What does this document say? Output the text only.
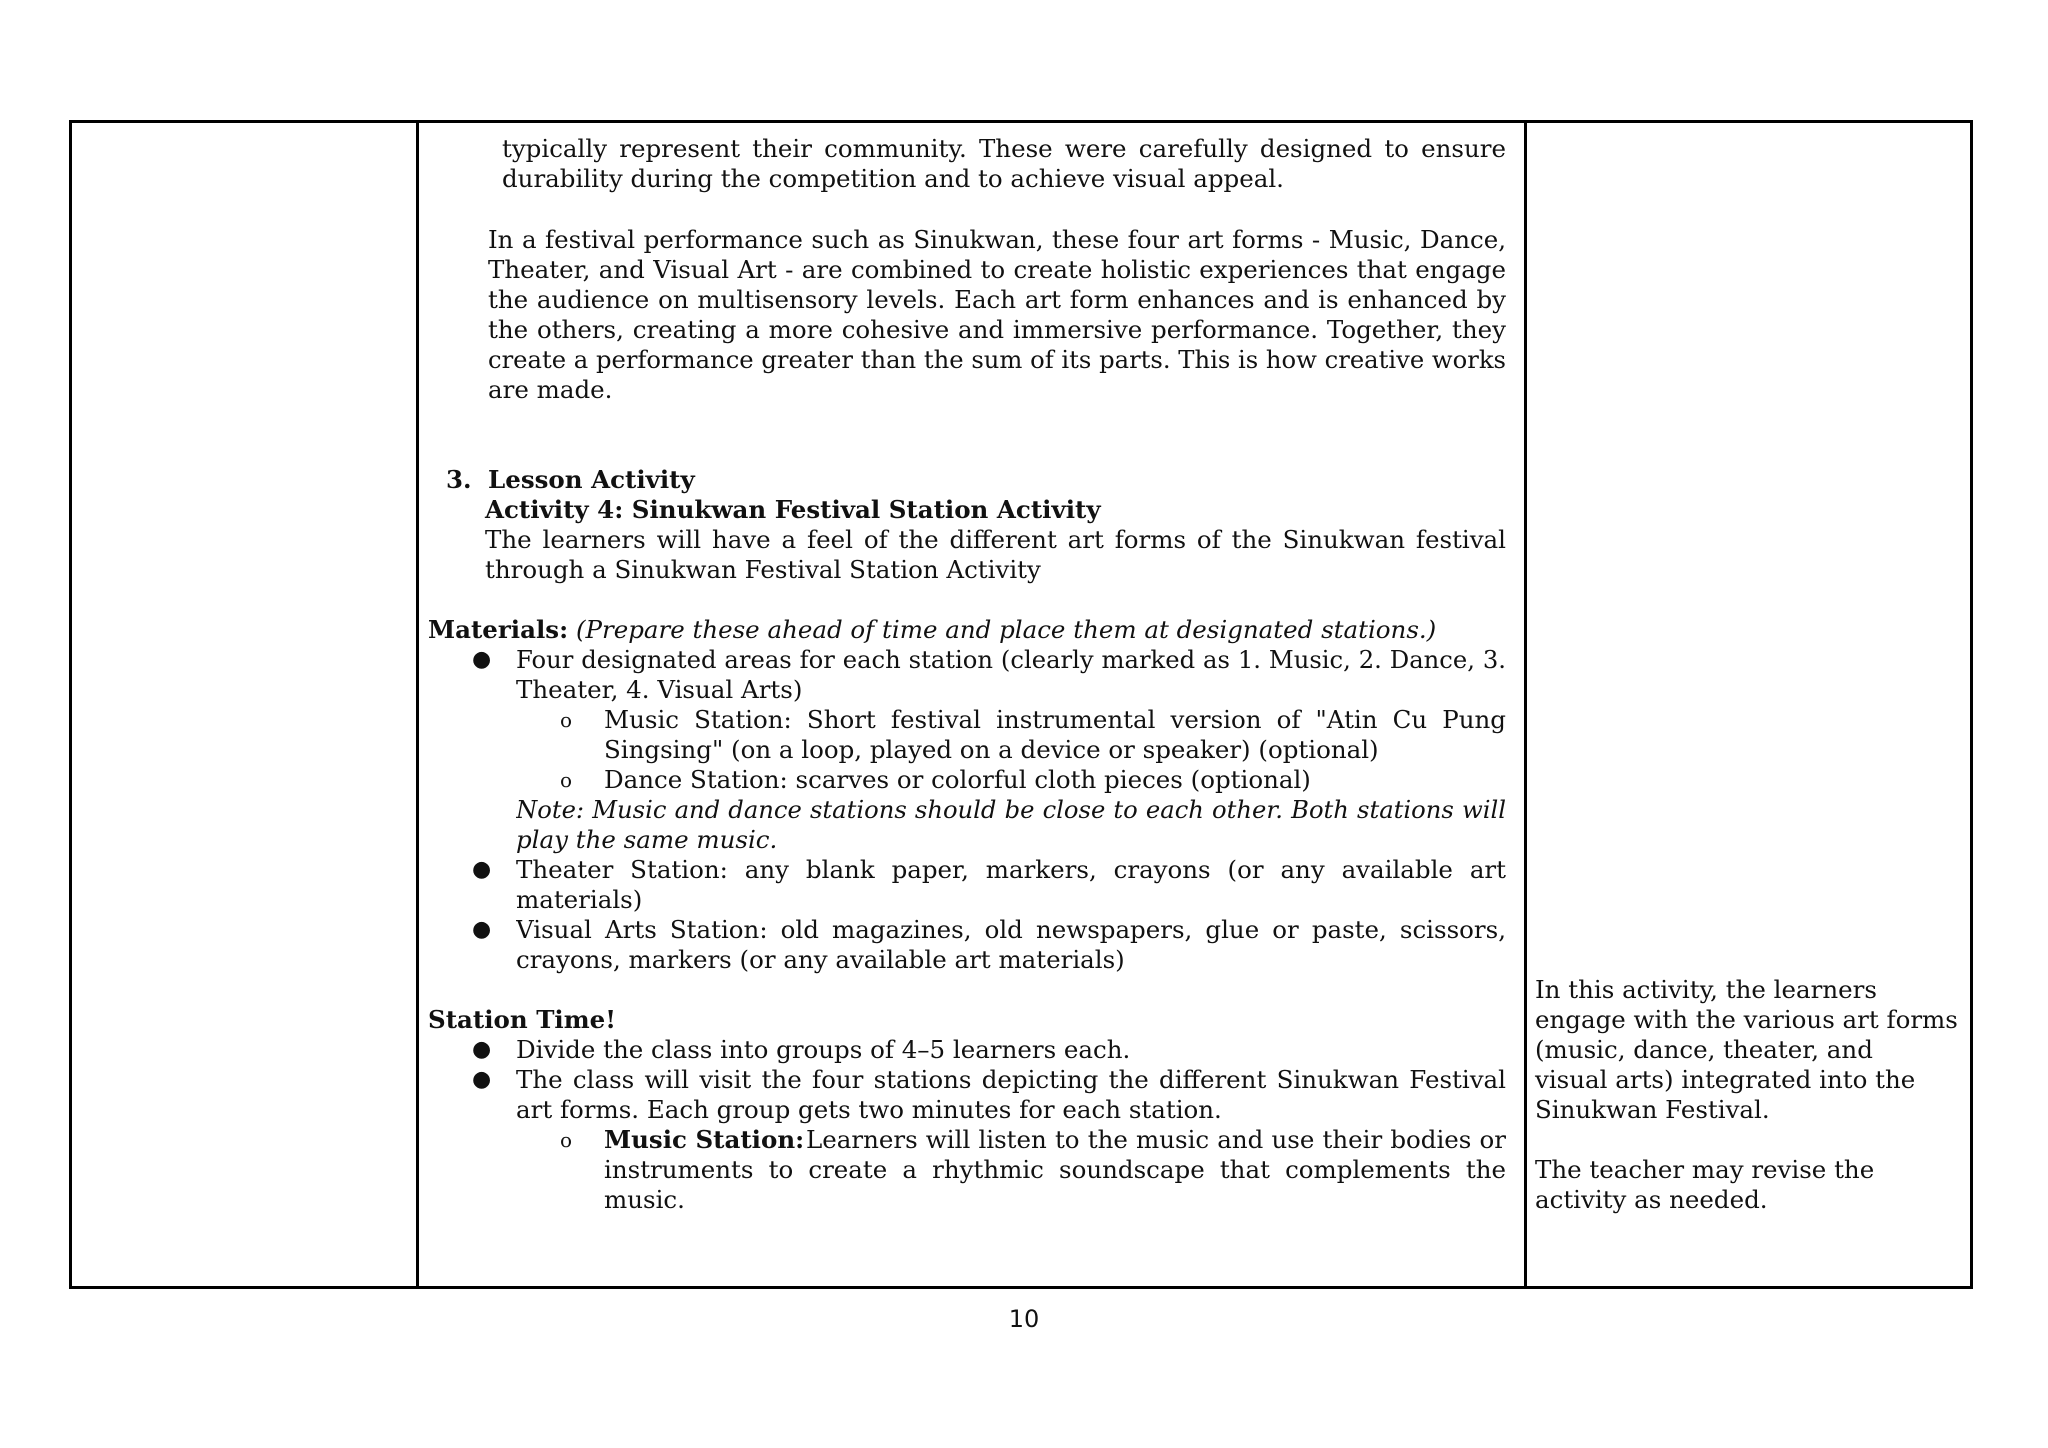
typically represent their community. These were carefully designed to ensure
durability during the competition and to achieve visual appeal.
In a festival performance such as Sinukwan, these four art forms - Music, Dance,
Theater, and Visual Art - are combined to create holistic experiences that engage
the audience on multisensory levels. Each art form enhances and is enhanced by
the others, creating a more cohesive and immersive performance. Together, they
create a performance greater than the sum of its parts. This is how creative works
are made.
3. Lesson Activity
Activity 4: Sinukwan Festival Station Activity
The learners will have a feel of the different art forms of the Sinukwan festival
through a Sinukwan Festival Station Activity
Materials: (Prepare these ahead of time and place them at designated stations.)
● Four designated areas for each station (clearly marked as 1. Music, 2. Dance, 3.
Theater, 4. Visual Arts)
o Music Station: Short festival instrumental version of "Atin Cu Pung
Singsing" (on a loop, played on a device or speaker) (optional)
o Dance Station: scarves or colorful cloth pieces (optional)
Note: Music and dance stations should be close to each other. Both stations will
play the same music.
● Theater Station: any blank paper, markers, crayons (or any available art
materials)
● Visual Arts Station: old magazines, old newspapers, glue or paste, scissors,
crayons, markers (or any available art materials)
Station Time!
● Divide the class into groups of 4–5 learners each.
● The class will visit the four stations depicting the different Sinukwan Festival
art forms. Each group gets two minutes for each station.
o Music Station: Learners will listen to the music and use their bodies or
instruments to create a rhythmic soundscape that complements the
music.
In this activity, the learners
engage with the various art forms
(music, dance, theater, and
visual arts) integrated into the
Sinukwan Festival.
The teacher may revise the
activity as needed.
10
